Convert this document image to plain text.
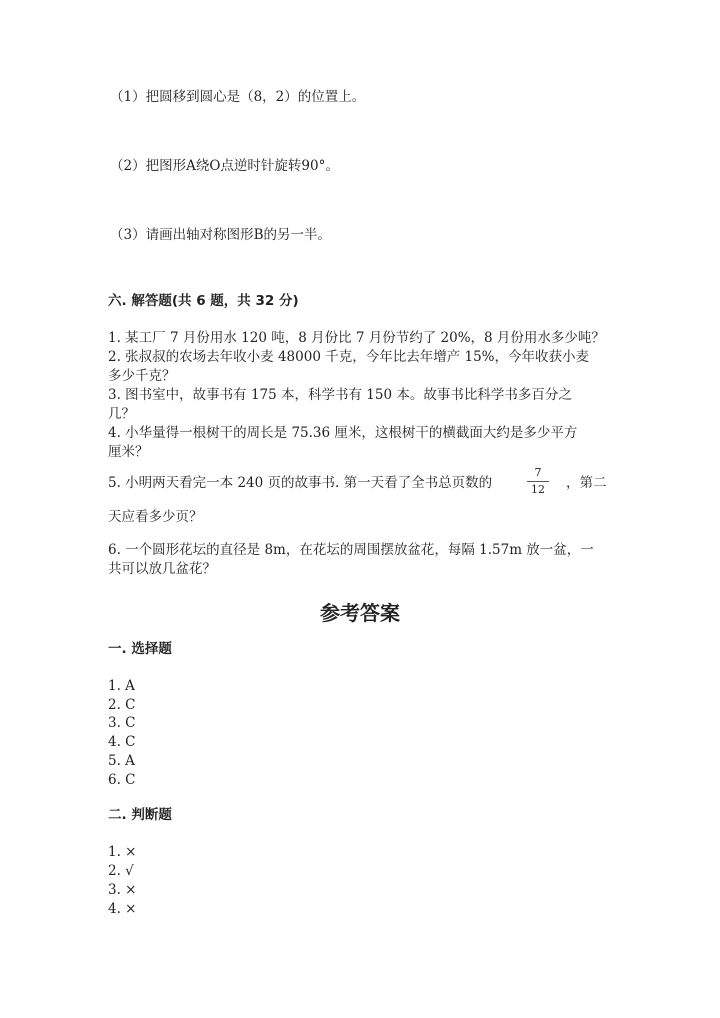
（1）把圆移到圆心是（8，2）的位置上。
（2）把图形A绕O点逆时针旋转90°。
（3）请画出轴对称图形B的另一半。
六. 解答题(共 6 题，共 32 分)
1. 某工厂 7 月份用水 120 吨，8 月份比 7 月份节约了 20%，8 月份用水多少吨？
2. 张叔叔的农场去年收小麦 48000 千克，今年比去年增产 15%，今年收获小麦
多少千克？
3. 图书室中，故事书有 175 本，科学书有 150 本。故事书比科学书多百分之
几？
4. 小华量得一根树干的周长是 75.36 厘米，这根树干的横截面大约是多少平方
厘米？
5. 小明两天看完一本 240 页的故事书. 第一天看了全书总页数的
7
12 ，第二
天应看多少页？
6. 一个圆形花坛的直径是 8m，在花坛的周围摆放盆花，每隔 1.57m 放一盆，一
共可以放几盆花？
参考答案
一. 选择题
1. A
2. C
3. C
4. C
5. A
6. C
二. 判断题
1. ×
2. √
3. ×
4. ×
